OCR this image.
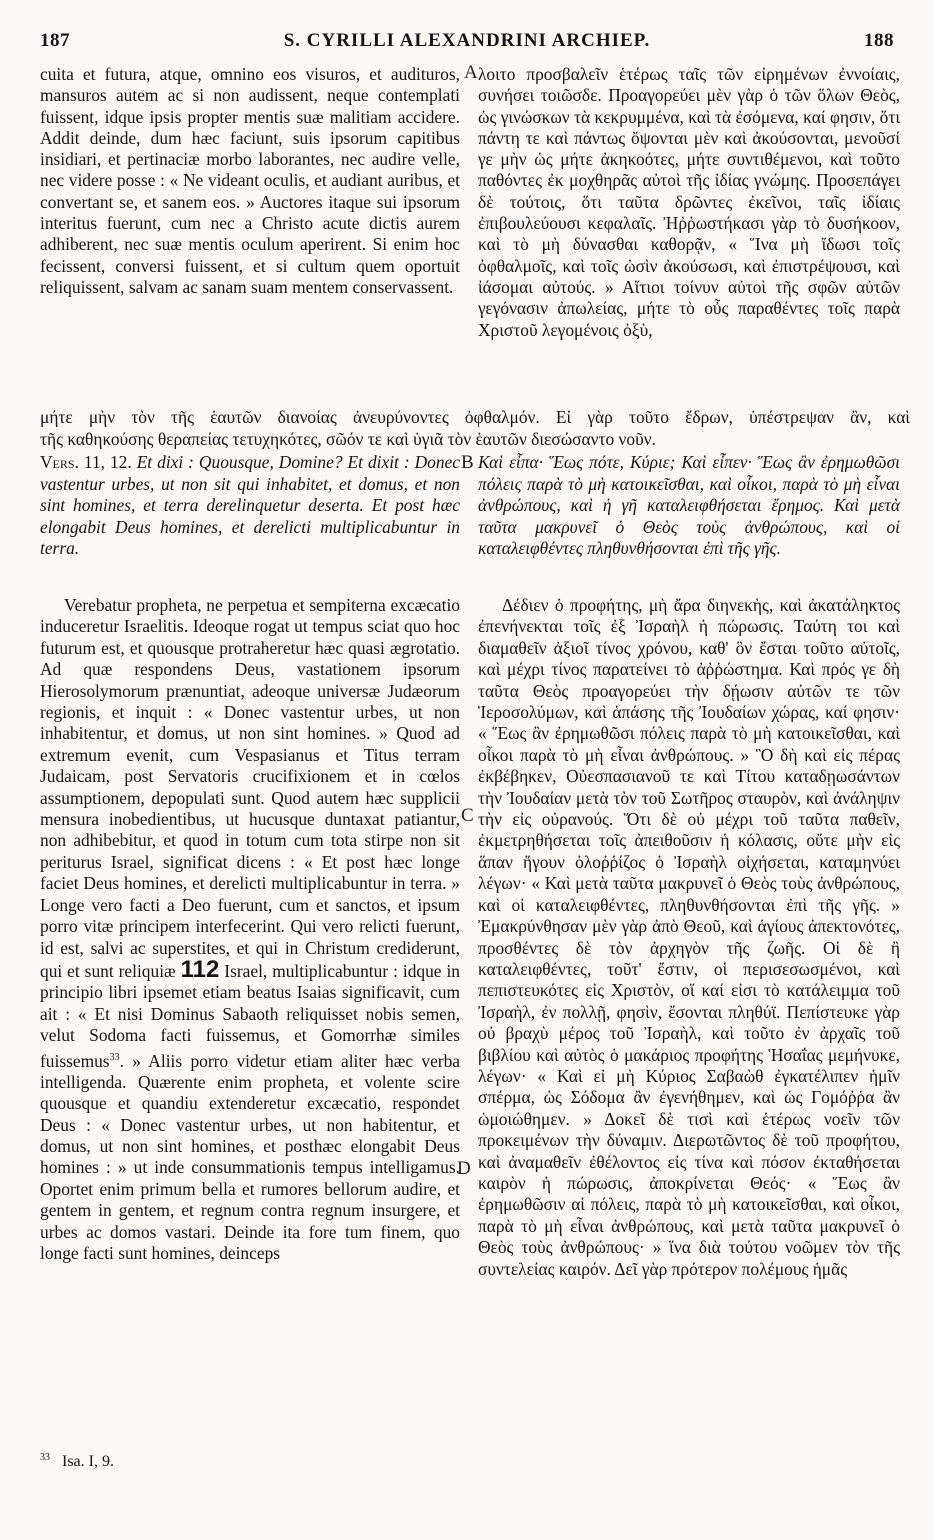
187	S. CYRILLI ALEXANDRINI ARCHIEP.	188
A
B
C
D

cuita et futura, atque, omnino eos visuros, et audituros, mansuros autem ac si non audissent, neque contemplati fuissent, idque ipsis propter mentis suæ malitiam accidere. Addit deinde, dum hæc faciunt, suis ipsorum capitibus insidiari, et pertinaciæ morbo laborantes, nec audire velle, nec videre posse : « Ne videant oculis, et audiant auribus, et convertant se, et sanem eos. » Auctores itaque sui ipsorum interitus fuerunt, cum nec a Christo acute dictis aurem adhiberent, nec suæ mentis oculum aperirent. Si enim hoc fecissent, conversi fuissent, et si cultum quem oportuit reliquissent, salvam ac sanam suam mentem conservassent.

λοιτο προσβαλεῖν ἑτέρως ταῖς τῶν εἰρημένων ἐννοίαις, συνήσει τοιῶσδε. Προαγορεύει μὲν γὰρ ὁ τῶν ὅλων Θεὸς, ὡς γινώσκων τὰ κεκρυμμένα, καὶ τὰ ἐσόμενα, καί φησιν, ὅτι πάντη τε καὶ πάντως ὄψονται μὲν καὶ ἀκούσονται, μενοῦσί γε μὴν ὡς μήτε ἀκηκοότες, μήτε συντιθέμενοι, καὶ τοῦτο παθόντες ἐκ μοχθηρᾶς αὐτοὶ τῆς ἰδίας γνώμης. Προσεπάγει δὲ τούτοις, ὅτι ταῦτα δρῶντες ἐκεῖνοι, ταῖς ἰδίαις ἐπιβουλεύουσι κεφαλαῖς. Ἠῤῥωστήκασι γὰρ τὸ δυσήκοον, καὶ τὸ μὴ δύνασθαι καθορᾷν, « Ἵνα μὴ ἴδωσι τοῖς ὀφθαλμοῖς, καὶ τοῖς ὠσὶν ἀκούσωσι, καὶ ἐπιστρέψουσι, καὶ ἰάσομαι αὐτούς. » Αἴτιοι τοίνυν αὐτοὶ τῆς σφῶν αὐτῶν γεγόνασιν ἀπωλείας, μήτε τὸ οὖς παραθέντες τοῖς παρὰ Χριστοῦ λεγομένοις ὀξὺ,

μήτε μὴν τὸν τῆς ἑαυτῶν διανοίας ἀνευρύνοντες ὀφθαλμόν. Εἰ γὰρ τοῦτο ἔδρων, ὑπέστρεψαν ἂν, καὶ
τῆς καθηκούσης θεραπείας τετυχηκότες, σῶόν τε καὶ ὑγιᾶ τὸν ἑαυτῶν διεσώσαντο νοῦν.

Vers. 11, 12. Et dixi : Quousque, Domine? Et dixit : Donec vastentur urbes, ut non sit qui inhabitet, et domus, et non sint homines, et terra derelinquetur deserta. Et post hæc elongabit Deus homines, et derelicti multiplicabuntur in terra.

Καὶ εἶπα· Ἕως πότε, Κύριε; Καὶ εἶπεν· Ἕως ἂν ἐρημωθῶσι πόλεις παρὰ τὸ μὴ κατοικεῖσθαι, καὶ οἶκοι, παρὰ τὸ μὴ εἶναι ἀνθρώπους, καὶ ἡ γῆ καταλειφθήσεται ἔρημος. Καὶ μετὰ ταῦτα μακρυνεῖ ὁ Θεὸς τοὺς ἀνθρώπους, καὶ οἱ καταλειφθέντες πληθυνθήσονται ἐπὶ τῆς γῆς.

Verebatur propheta, ne perpetua et sempiterna excæcatio induceretur Israelitis. Ideoque rogat ut tempus sciat quo hoc futurum est, et quousque protraheretur hæc quasi ægrotatio. Ad quæ respondens Deus, vastationem ipsorum Hierosolymorum prænuntiat, adeoque universæ Judæorum regionis, et inquit : « Donec vastentur urbes, ut non inhabitentur, et domus, ut non sint homines. » Quod ad extremum evenit, cum Vespasianus et Titus terram Judaicam, post Servatoris crucifixionem et in cœlos assumptionem, depopulati sunt. Quod autem hæc supplicii mensura inobedientibus, ut hucusque duntaxat patiantur, non adhibebitur, et quod in totum cum tota stirpe non sit periturus Israel, significat dicens : « Et post hæc longe faciet Deus homines, et derelicti multiplicabuntur in terra. » Longe vero facti a Deo fuerunt, cum et sanctos, et ipsum porro vitæ principem interfecerint. Qui vero relicti fuerunt, id est, salvi ac superstites, et qui in Christum crediderunt, qui et sunt reliquiæ 112 Israel, multiplicabuntur : idque in principio libri ipsemet etiam beatus Isaias significavit, cum ait : « Et nisi Dominus Sabaoth reliquisset nobis semen, velut Sodoma facti fuissemus, et Gomorrhæ similes fuissemus$^{33}$. » Aliis porro videtur etiam aliter hæc verba intelligenda. Quærente enim propheta, et volente scire quousque et quandiu extenderetur excæcatio, respondet Deus : « Donec vastentur urbes, ut non habitentur, et domus, ut non sint homines, et posthæc elongabit Deus homines : » ut inde consummationis tempus intelligamus. Oportet enim primum bella et rumores bellorum audire, et gentem in gentem, et regnum contra regnum insurgere, et urbes ac domos vastari. Deinde ita fore tum finem, quo longe facti sunt homines, deinceps

Δέδιεν ὁ προφήτης, μὴ ἄρα διηνεκὴς, καὶ ἀκατάληκτος ἐπενήνεκται τοῖς ἐξ Ἰσραὴλ ἡ πώρωσις. Ταύτη τοι καὶ διαμαθεῖν ἀξιοῖ τίνος χρόνου, καθ' ὃν ἔσται τοῦτο αὐτοῖς, καὶ μέχρι τίνος παρατείνει τὸ ἀῤῥώστημα. Καὶ πρός γε δὴ ταῦτα Θεὸς προαγορεύει τὴν δῄωσιν αὐτῶν τε τῶν Ἱεροσολύμων, καὶ ἁπάσης τῆς Ἰουδαίων χώρας, καί φησιν· « Ἕως ἂν ἐρημωθῶσι πόλεις παρὰ τὸ μὴ κατοικεῖσθαι, καὶ οἶκοι παρὰ τὸ μὴ εἶναι ἀνθρώπους. » Ὃ δὴ καὶ εἰς πέρας ἐκβέβηκεν, Οὐεσπασιανοῦ τε καὶ Τίτου καταδῃωσάντων τὴν Ἰουδαίαν μετὰ τὸν τοῦ Σωτῆρος σταυρὸν, καὶ ἀνάληψιν τὴν εἰς οὐρανούς. Ὅτι δὲ οὐ μέχρι τοῦ ταῦτα παθεῖν, ἐκμετρηθήσεται τοῖς ἀπειθοῦσιν ἡ κόλασις, οὔτε μὴν εἰς ἅπαν ἥγουν ὁλοῤῥίζος ὁ Ἰσραὴλ οἰχήσεται, καταμηνύει λέγων· « Καὶ μετὰ ταῦτα μακρυνεῖ ὁ Θεὸς τοὺς ἀνθρώπους, καὶ οἱ καταλειφθέντες, πληθυνθήσονται ἐπὶ τῆς γῆς. » Ἐμακρύνθησαν μὲν γὰρ ἀπὸ Θεοῦ, καὶ ἁγίους ἀπεκτονότες, προσθέντες δὲ τὸν ἀρχηγὸν τῆς ζωῆς. Οἱ δὲ ἢ καταλειφθέντες, τοῦτ' ἔστιν, οἱ περισεσωσμένοι, καὶ πεπιστευκότες εἰς Χριστὸν, οἵ καί εἰσι τὸ κατάλειμμα τοῦ Ἰσραὴλ, ἐν πολλῇ, φησὶν, ἔσονται πληθύϊ. Πεπίστευκε γὰρ οὐ βραχὺ μέρος τοῦ Ἰσραὴλ, καὶ τοῦτο ἐν ἀρχαῖς τοῦ βιβλίου καὶ αὐτὸς ὁ μακάριος προφήτης Ἡσαΐας μεμήνυκε, λέγων· « Καὶ εἰ μὴ Κύριος Σαβαὼθ ἐγκατέλιπεν ἡμῖν σπέρμα, ὡς Σόδομα ἂν ἐγενήθημεν, καὶ ὡς Γομόῤῥα ἂν ὡμοιώθημεν. » Δοκεῖ δὲ τισὶ καὶ ἑτέρως νοεῖν τῶν προκειμένων τὴν δύναμιν. Διερωτῶντος δὲ τοῦ προφήτου, καὶ ἀναμαθεῖν ἐθέλοντος εἰς τίνα καὶ πόσον ἐκταθήσεται καιρὸν ἡ πώρωσις, ἀποκρίνεται Θεός· « Ἕως ἂν ἐρημωθῶσιν αἱ πόλεις, παρὰ τὸ μὴ κατοικεῖσθαι, καὶ οἶκοι, παρὰ τὸ μὴ εἶναι ἀνθρώπους, καὶ μετὰ ταῦτα μακρυνεῖ ὁ Θεὸς τοὺς ἀνθρώπους· » ἵνα διὰ τούτου νοῶμεν τὸν τῆς συντελείας καιρόν. Δεῖ γὰρ πρότερον πολέμους ἡμᾶς

$^{33}$ Isa. I, 9.
